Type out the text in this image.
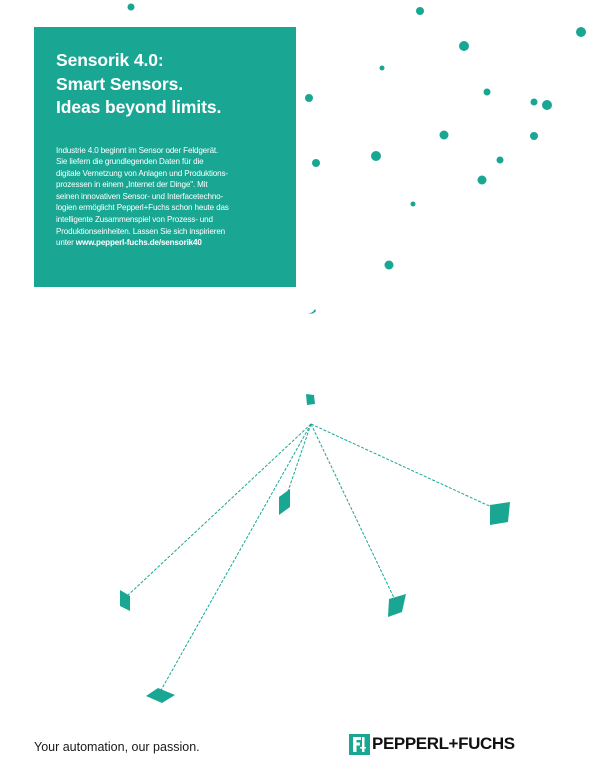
Sensorik 4.0:
Smart Sensors.
Ideas beyond limits.

Industrie 4.0 beginnt im Sensor oder Feldgerät.
Sie liefern die grundlegenden Daten für die
digitale Vernetzung von Anlagen und Produktions-
prozessen in einem „Internet der Dinge". Mit
seinen innovativen Sensor- und Interfacetechno-
logien ermöglicht Pepperl+Fuchs schon heute das
intelligente Zusammenspiel von Prozess- und
Produktionseinheiten. Lassen Sie sich inspirieren
unter www.pepperl-fuchs.de/sensorik40

Your automation, our passion.	PEPPERL+FUCHS
